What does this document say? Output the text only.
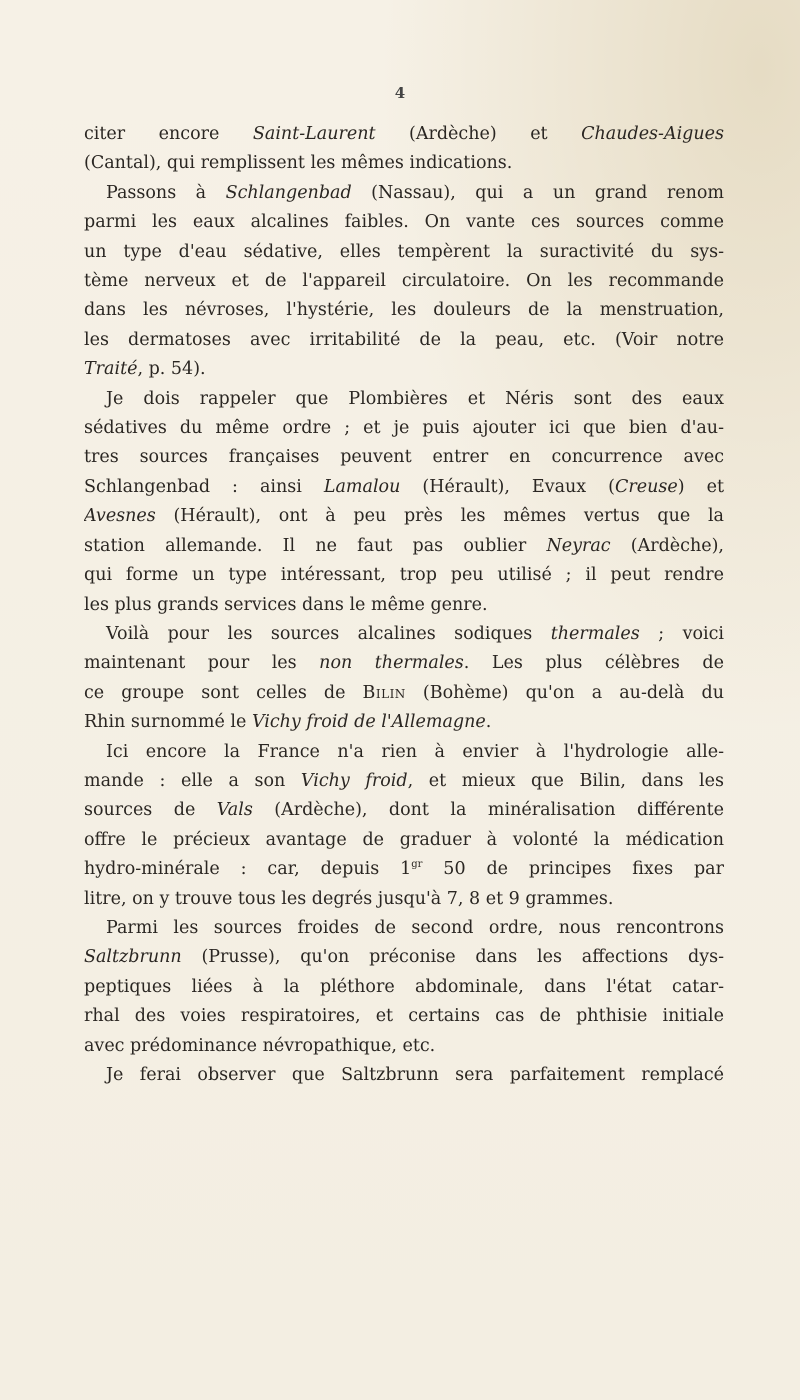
4
citer encore Saint-Laurent (Ardèche) et Chaudes-Aigues
(Cantal), qui remplissent les mêmes indications.
Passons à Schlangenbad (Nassau), qui a un grand renom
parmi les eaux alcalines faibles. On vante ces sources comme
un type d'eau sédative, elles tempèrent la suractivité du sys-
tème nerveux et de l'appareil circulatoire. On les recommande
dans les névroses, l'hystérie, les douleurs de la menstruation,
les dermatoses avec irritabilité de la peau, etc. (Voir notre
Traité, p. 54).
Je dois rappeler que Plombières et Néris sont des eaux
sédatives du même ordre ; et je puis ajouter ici que bien d'au-
tres sources françaises peuvent entrer en concurrence avec
Schlangenbad : ainsi Lamalou (Hérault), Evaux (Creuse) et
Avesnes (Hérault), ont à peu près les mêmes vertus que la
station allemande. Il ne faut pas oublier Neyrac (Ardèche),
qui forme un type intéressant, trop peu utilisé ; il peut rendre
les plus grands services dans le même genre.
Voilà pour les sources alcalines sodiques thermales ; voici
maintenant pour les non thermales. Les plus célèbres de
ce groupe sont celles de Bilin (Bohème) qu'on a au-delà du
Rhin surnommé le Vichy froid de l'Allemagne.
Ici encore la France n'a rien à envier à l'hydrologie alle-
mande : elle a son Vichy froid, et mieux que Bilin, dans les
sources de Vals (Ardèche), dont la minéralisation différente
offre le précieux avantage de graduer à volonté la médication
hydro-minérale : car, depuis $1^{gr}$ 50 de principes fixes par
litre, on y trouve tous les degrés jusqu'à 7, 8 et 9 grammes.
Parmi les sources froides de second ordre, nous rencontrons
Saltzbrunn (Prusse), qu'on préconise dans les affections dys-
peptiques liées à la pléthore abdominale, dans l'état catar-
rhal des voies respiratoires, et certains cas de phthisie initiale
avec prédominance névropathique, etc.
Je ferai observer que Saltzbrunn sera parfaitement remplacé
